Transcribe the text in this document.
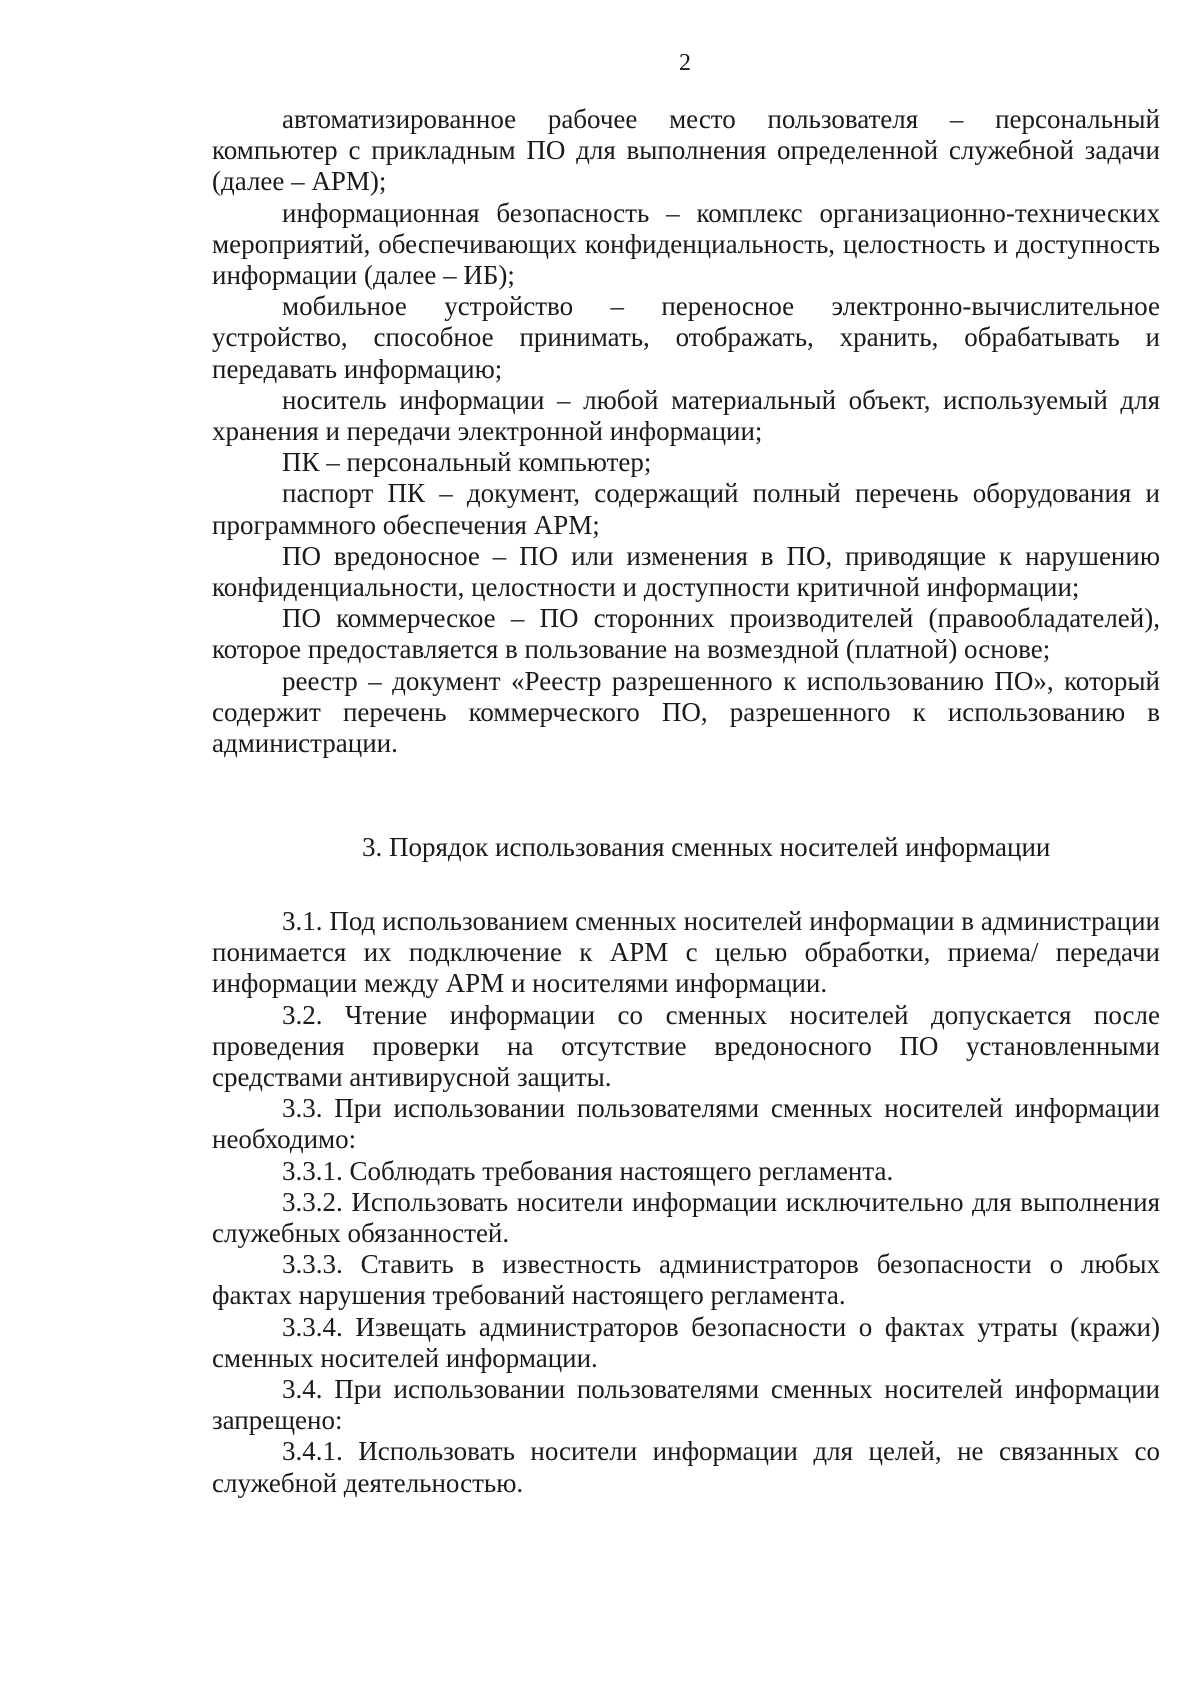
2

автоматизированное рабочее место пользователя – персональный компьютер с прикладным ПО для выполнения определенной служебной задачи (далее – АРМ);

информационная безопасность – комплекс организационно-технических мероприятий, обеспечивающих конфиденциальность, целостность и доступность информации (далее – ИБ);

мобильное устройство – переносное электронно-вычислительное устройство, способное принимать, отображать, хранить, обрабатывать и передавать информацию;

носитель информации – любой материальный объект, используемый для хранения и передачи электронной информации;

ПК – персональный компьютер;

паспорт ПК – документ, содержащий полный перечень оборудования и программного обеспечения АРМ;

ПО вредоносное – ПО или изменения в ПО, приводящие к нарушению конфиденциальности, целостности и доступности критичной информации;

ПО коммерческое – ПО сторонних производителей (правообладателей), которое предоставляется в пользование на возмездной (платной) основе;

реестр – документ «Реестр разрешенного к использованию ПО», который содержит перечень коммерческого ПО, разрешенного к использованию в администрации.

3. Порядок использования сменных носителей информации

3.1. Под использованием сменных носителей информации в администрации понимается их подключение к АРМ с целью обработки, приема/ передачи информации между АРМ и носителями информации.

3.2. Чтение информации со сменных носителей допускается после проведения проверки на отсутствие вредоносного ПО установленными средствами антивирусной защиты.

3.3. При использовании пользователями сменных носителей информации необходимо:

3.3.1. Соблюдать требования настоящего регламента.

3.3.2. Использовать носители информации исключительно для выполнения служебных обязанностей.

3.3.3. Ставить в известность администраторов безопасности о любых фактах нарушения требований настоящего регламента.

3.3.4. Извещать администраторов безопасности о фактах утраты (кражи) сменных носителей информации.

3.4. При использовании пользователями сменных носителей информации запрещено:

3.4.1. Использовать носители информации для целей, не связанных со служебной деятельностью.
